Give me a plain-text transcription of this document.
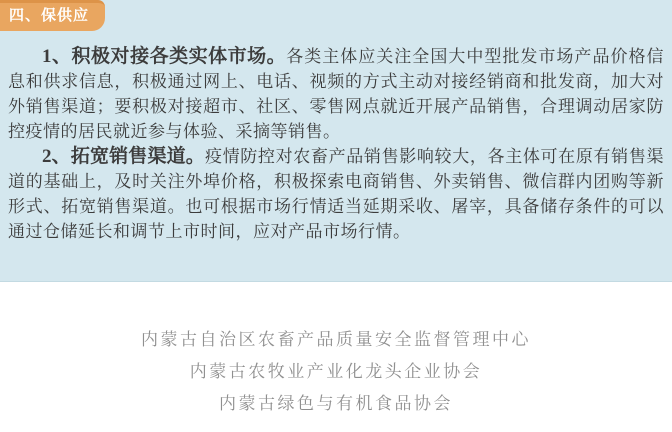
四、保供应

1、积极对接各类实体市场。各类主体应关注全国大中型批发市场产品价格信息和供求信息，积极通过网上、电话、视频的方式主动对接经销商和批发商，加大对外销售渠道；要积极对接超市、社区、零售网点就近开展产品销售，合理调动居家防控疫情的居民就近参与体验、采摘等销售。

2、拓宽销售渠道。疫情防控对农畜产品销售影响较大，各主体可在原有销售渠道的基础上，及时关注外埠价格，积极探索电商销售、外卖销售、微信群内团购等新形式、拓宽销售渠道。也可根据市场行情适当延期采收、屠宰，具备储存条件的可以通过仓储延长和调节上市时间，应对产品市场行情。

内蒙古自治区农畜产品质量安全监督管理中心
内蒙古农牧业产业化龙头企业协会
内蒙古绿色与有机食品协会
